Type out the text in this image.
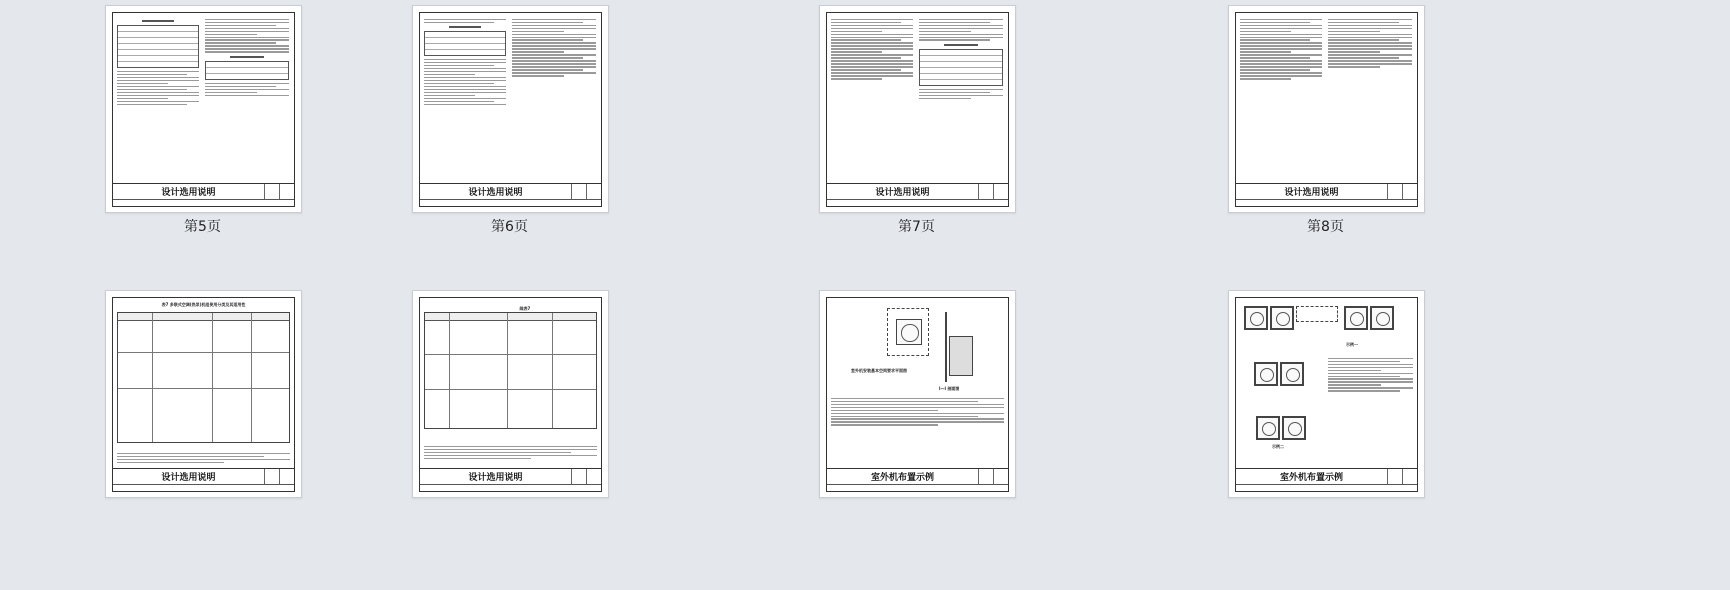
设计选用说明
第5页
设计选用说明
第6页
设计选用说明
第7页
设计选用说明
第8页
表7 多联式空调(热泵)机组使用分类及其适用性
设计选用说明
续表7
设计选用说明
室外机安装基本空间要求平面图
I—I 剖面图
室外机布置示例
示例一
示例二
室外机布置示例
